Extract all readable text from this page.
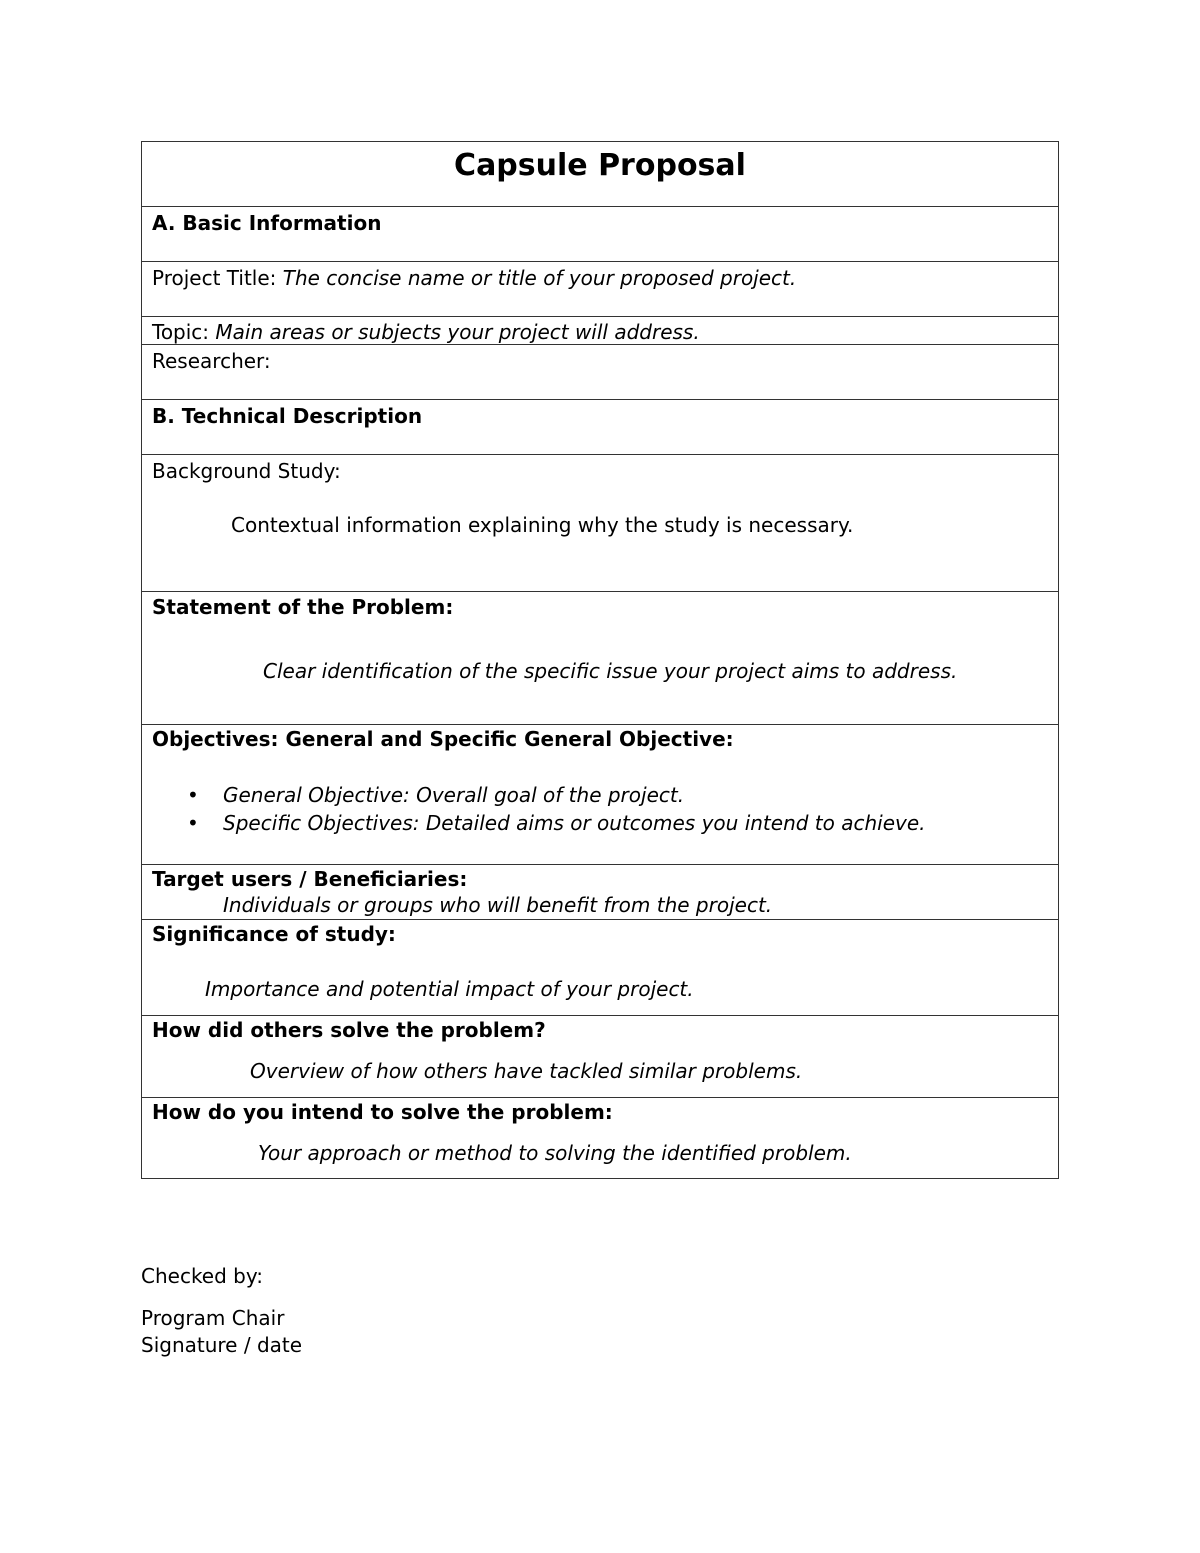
Capsule Proposal
A. Basic Information
Project Title: The concise name or title of your proposed project.
Topic: Main areas or subjects your project will address.
Researcher:
B. Technical Description
Background Study:
Contextual information explaining why the study is necessary.
Statement of the Problem:
Clear identification of the specific issue your project aims to address.
Objectives: General and Specific General Objective:
• General Objective: Overall goal of the project.
• Specific Objectives: Detailed aims or outcomes you intend to achieve.
Target users / Beneficiaries:
Individuals or groups who will benefit from the project.
Significance of study:
Importance and potential impact of your project.
How did others solve the problem?
Overview of how others have tackled similar problems.
How do you intend to solve the problem:
Your approach or method to solving the identified problem.
Checked by:
Program Chair
Signature / date
